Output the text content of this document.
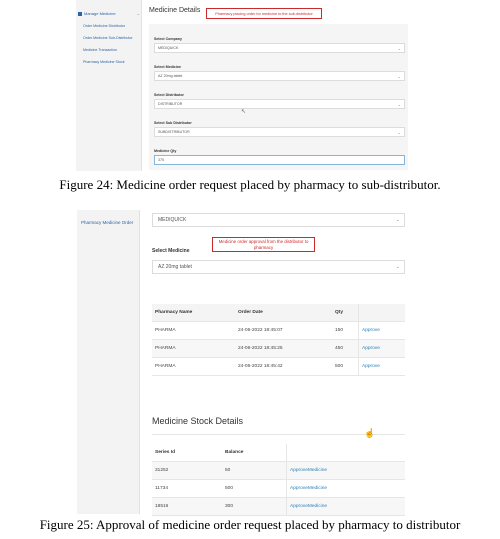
Manage Medicine	⌄
Order Medicine Distributor
Order Medicine Sub-Distributor
Medicine Transaction
Pharmacy Medicine Stock
Medicine Details	Pharmacy placing order for medicine to the sub-distributor
Select Company
MEDIQUICK	⌄
Select Medicine
AZ 20mg tablet	⌄
Select Distributor
DISTRIBUTOR	⌄
↖
Select Sub Distributor
SUBDISTRIBUTOR	⌄
Medicine Qty
375
Figure 24: Medicine order request placed by pharmacy to sub-distributor.
Pharmacy Medicine Order	MEDIQUICK	⌄
Select Medicine
Medicine order approval from the distributor to pharmacy
AZ 20mg tablet	⌄
Pharmacy Name	Order Date	Qty
PHARMA	24-06-2022 18:45:07	150	Approve
PHARMA	24-06-2022 18:45:25	450	Approve
PHARMA	24-06-2022 18:45:42	500	Approve
Medicine Stock Details
☝
Series Id	Balance
31252	50	ApproveMedicine
11734	500	ApproveMedicine
18516	300	ApproveMedicine
Figure 25: Approval of medicine order request placed by pharmacy to distributor
